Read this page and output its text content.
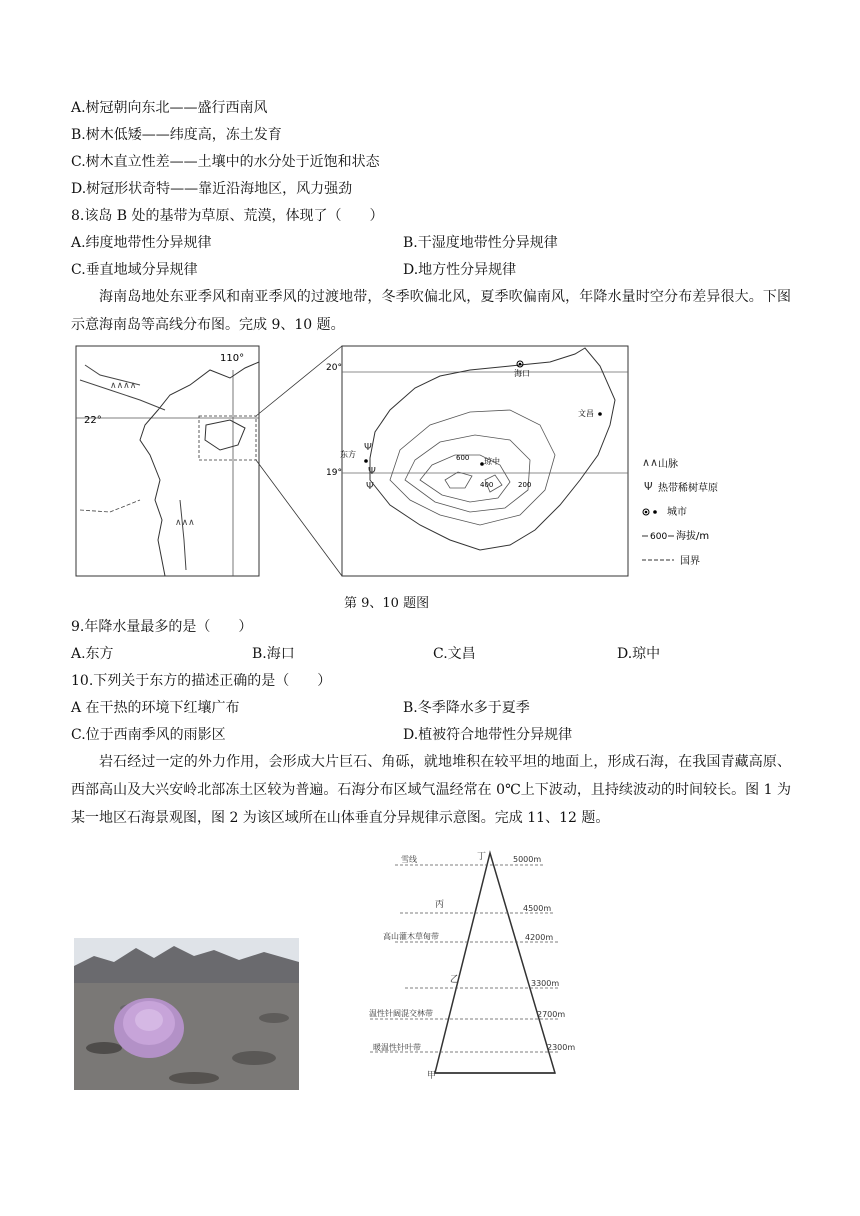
A.树冠朝向东北——盛行西南风
B.树木低矮——纬度高，冻土发育
C.树木直立性差——土壤中的水分处于近饱和状态
D.树冠形状奇特——靠近沿海地区，风力强劲
8.该岛 B 处的基带为草原、荒漠，体现了（　　）
A.纬度地带性分异规律	B.干湿度地带性分异规律
C.垂直地域分异规律	D.地方性分异规律
海南岛地处东亚季风和南亚季风的过渡地带，冬季吹偏北风，夏季吹偏南风，年降水量时空分布差异很大。下图示意海南岛等高线分布图。完成 9、10 题。
110°
22°
∧∧∧∧
∧∧∧
20°
19°
600
400	200
海口
文昌
东方
琼中
Ψ
Ψ
Ψ
∧∧ 山脉
Ψ 热带稀树草原
城市
600 海拔/m
国界
第 9、10 题图
9.年降水量最多的是（　　）
A.东方	B.海口	C.文昌	D.琼中
10.下列关于东方的描述正确的是（　　）
A 在干热的环境下红壤广布	B.冬季降水多于夏季
C.位于西南季风的雨影区	D.植被符合地带性分异规律
岩石经过一定的外力作用，会形成大片巨石、角砾，就地堆积在较平坦的地面上，形成石海，在我国青藏高原、西部高山及大兴安岭北部冻土区较为普遍。石海分布区域气温经常在 0℃上下波动，且持续波动的时间较长。图 1 为某一地区石海景观图，图 2 为该区域所在山体垂直分异规律示意图。完成 11、12 题。
雪线	丁
丙
高山灌木草甸带
乙
温性针阔混交林带
暖温性针叶带
甲
5000m
4500m
4200m
3300m
2700m
2300m
